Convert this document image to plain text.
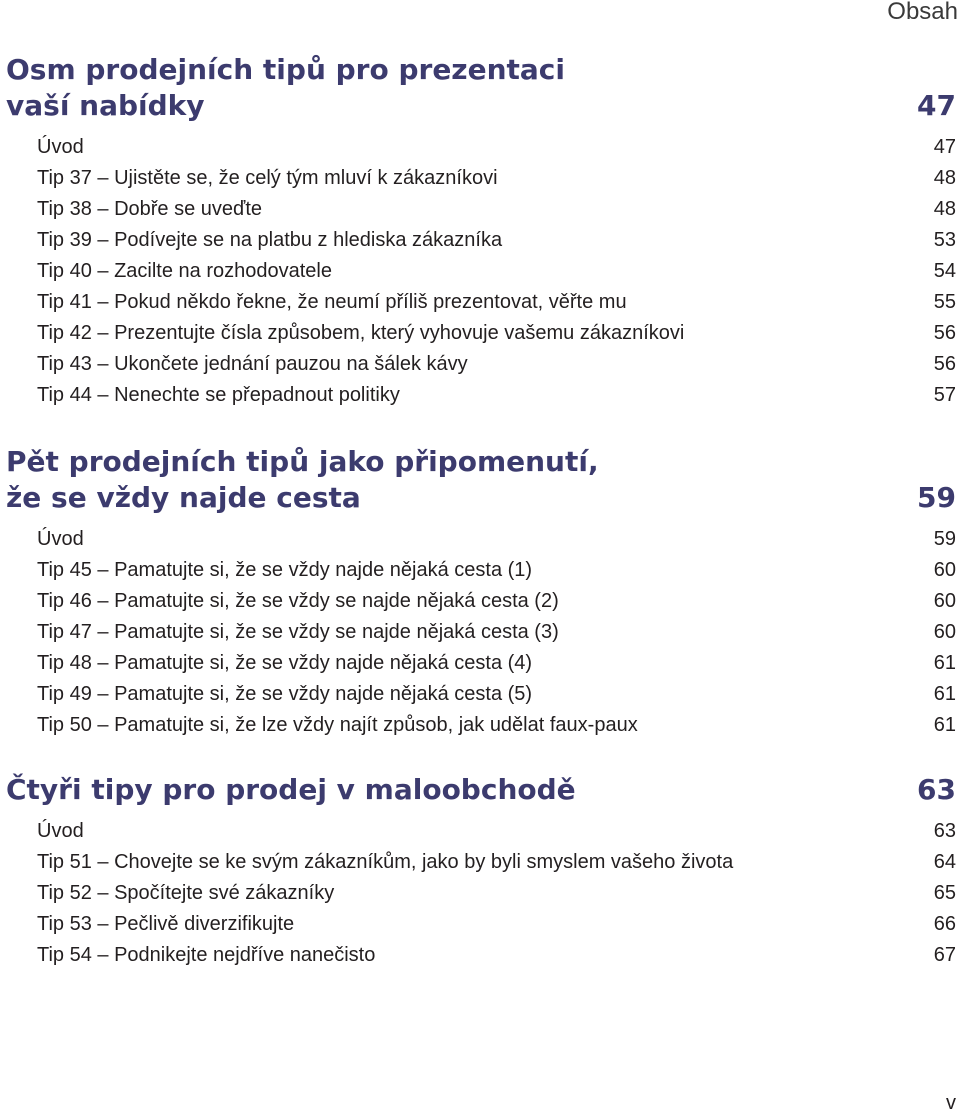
Obsah
Osm prodejních tipů pro prezentaci
vaší nabídky	47
Úvod	47
Tip 37 – Ujistěte se, že celý tým mluví k zákazníkovi	48
Tip 38 – Dobře se uveďte	48
Tip 39 – Podívejte se na platbu z hlediska zákazníka	53
Tip 40 – Zacilte na rozhodovatele	54
Tip 41 – Pokud někdo řekne, že neumí příliš prezentovat, věřte mu	55
Tip 42 – Prezentujte čísla způsobem, který vyhovuje vašemu zákazníkovi	56
Tip 43 – Ukončete jednání pauzou na šálek kávy	56
Tip 44 – Nenechte se přepadnout politiky	57
Pět prodejních tipů jako připomenutí,
že se vždy najde cesta	59
Úvod	59
Tip 45 – Pamatujte si, že se vždy najde nějaká cesta (1)	60
Tip 46 – Pamatujte si, že se vždy se najde nějaká cesta (2)	60
Tip 47 – Pamatujte si, že se vždy se najde nějaká cesta (3)	60
Tip 48 – Pamatujte si, že se vždy najde nějaká cesta (4)	61
Tip 49 – Pamatujte si, že se vždy najde nějaká cesta (5)	61
Tip 50 – Pamatujte si, že lze vždy najít způsob, jak udělat faux-paux	61
Čtyři tipy pro prodej v maloobchodě	63
Úvod	63
Tip 51 – Chovejte se ke svým zákazníkům, jako by byli smyslem vašeho života	64
Tip 52 – Spočítejte své zákazníky	65
Tip 53 – Pečlivě diverzifikujte	66
Tip 54 – Podnikejte nejdříve nanečisto	67
v
